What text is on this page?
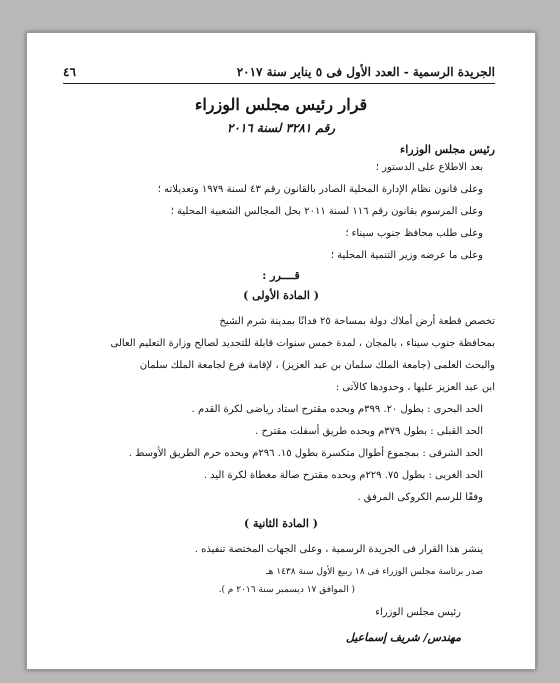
الجريدة الرسمية - العدد الأول فى ٥ يناير سنة ٢٠١٧
٤٦
قرار رئيس مجلس الوزراء
رقم ٣٢٨١ لسنة ٢٠١٦
رئيس مجلس الوزراء
بعد الاطلاع على الدستور ؛
وعلى قانون نظام الإدارة المحلية الصادر بالقانون رقم ٤٣ لسنة ١٩٧٩ وتعديلاته ؛
وعلى المرسوم بقانون رقم ١١٦ لسنة ٢٠١١ بحل المجالس الشعبية المحلية ؛
وعلى طلب محافظ جنوب سيناء ؛
وعلى ما عرضه وزير التنمية المحلية ؛
قــــرر :
( المادة الأولى )
تخصص قطعة أرض أملاك دولة بمساحة ٢٥ فدانًا بمدينة شرم الشيخ
بمحافظة جنوب سيناء ، بالمجان ، لمدة خمس سنوات قابلة للتجديد لصالح وزارة التعليم العالى
والبحث العلمى (جامعة الملك سلمان بن عبد العزيز) ، لإقامة فرع لجامعة الملك سلمان
ابن عبد العزيز عليها ، وحدودها كالآتى :
الحد البحرى : بطول ٢٠. ٣٩٩م وبحده مقترح استاد رياضى لكرة القدم .
الحد القبلى : بطول ٣٧٩م وبحده طريق أسفلت مقترح .
الحد الشرقى : بمجموع أطوال متكسرة بطول ١٥. ٢٩٦م وبحده حرم الطريق الأوسط .
الحد الغربى : بطول ٧٥. ٢٢٩م وبحده مقترح صالة مغطاة لكرة اليد .
وفقًا للرسم الكروكى المرفق .
( المادة الثانية )
ينشر هذا القرار فى الجريدة الرسمية ، وعلى الجهات المختصة تنفيذه .
صدر برئاسة مجلس الوزراء فى ١٨ ربيع الأول سنة ١٤٣٨ هـ
( الموافق ١٧ ديسمبر سنة ٢٠١٦ م ).
رئيس مجلس الوزراء
مهندس/ شريف إسماعيل
